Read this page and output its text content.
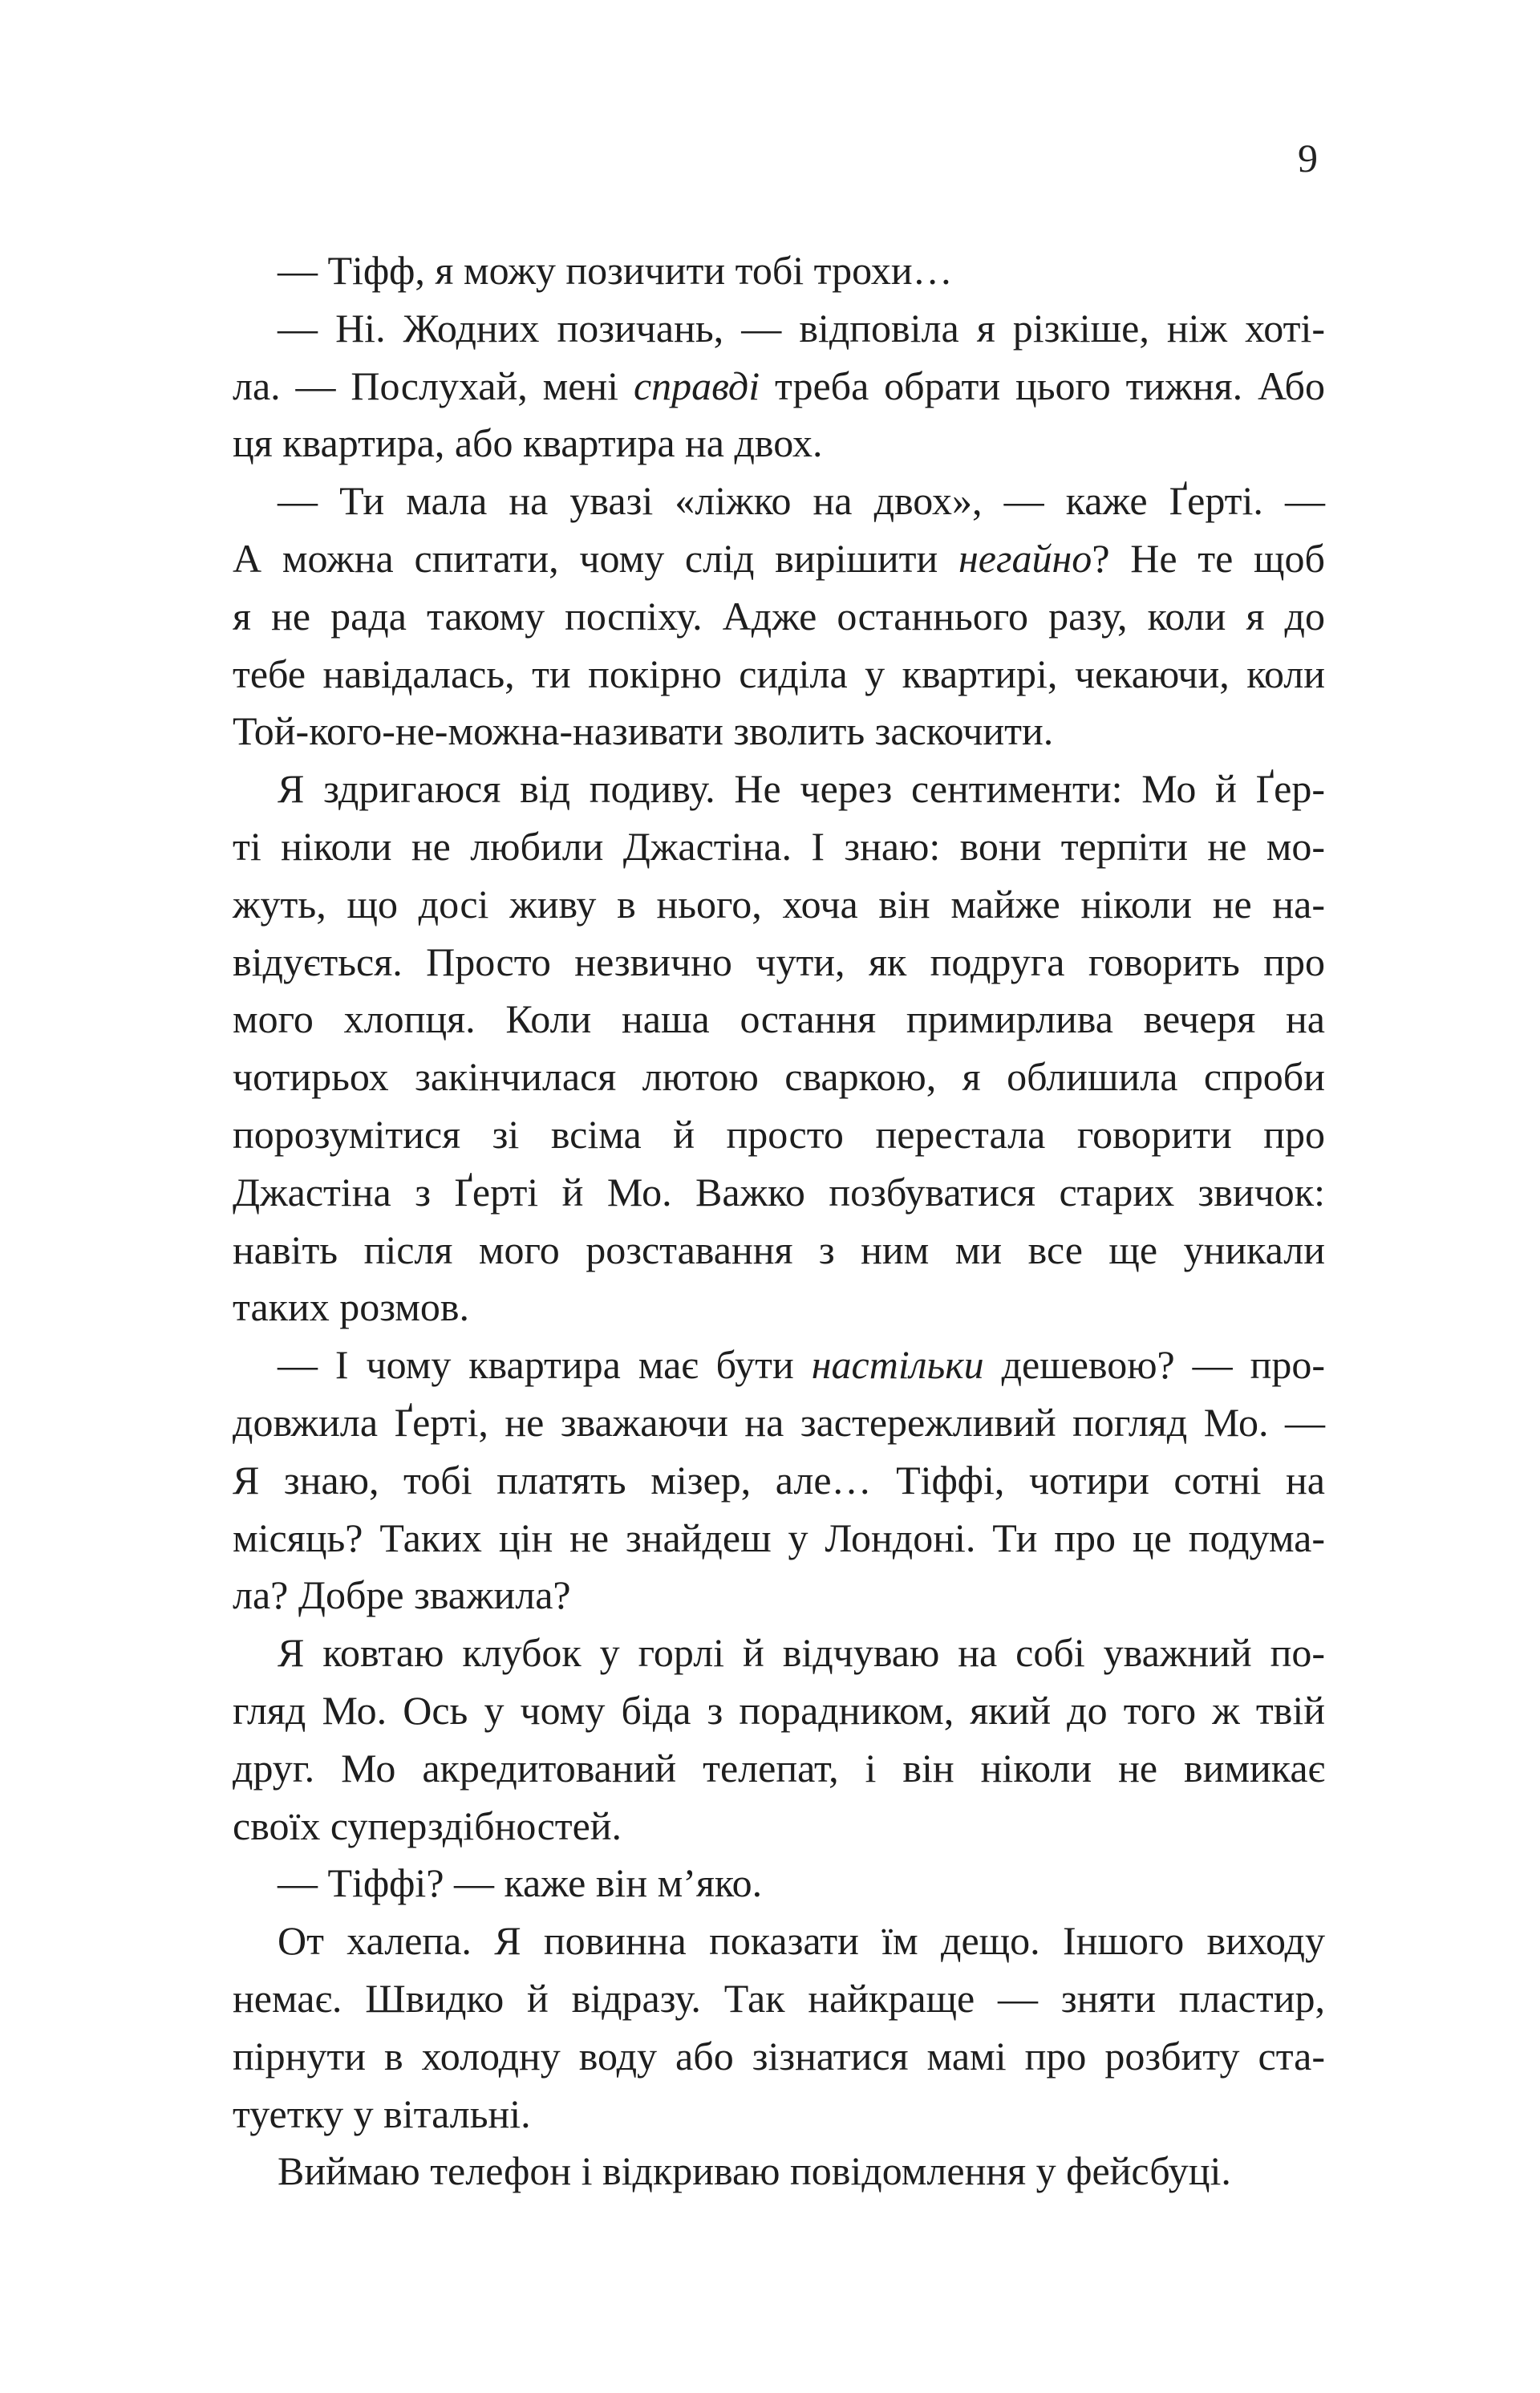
9
— Тіфф, я можу позичити тобі трохи…
— Ні. Жодних позичань, — відповіла я різкіше, ніж хоті-
ла. — Послухай, мені справді треба обрати цього тижня. Або
ця квартира, або квартира на двох.
— Ти мала на увазі «ліжко на двох», — каже Ґерті. —
А можна спитати, чому слід вирішити негайно? Не те щоб
я не рада такому поспіху. Адже останнього разу, коли я до
тебе навідалась, ти покірно сиділа у квартирі, чекаючи, коли
Той-кого-не-можна-називати зволить заскочити.
Я здригаюся від подиву. Не через сентименти: Мо й Ґер-
ті ніколи не любили Джастіна. І знаю: вони терпіти не мо-
жуть, що досі живу в нього, хоча він майже ніколи не на-
відується. Просто незвично чути, як подруга говорить про
мого хлопця. Коли наша остання примирлива вечеря на
чотирьох закінчилася лютою сваркою, я облишила спроби
порозумітися зі всіма й просто перестала говорити про
Джастіна з Ґерті й Мо. Важко позбуватися старих звичок:
навіть після мого розставання з ним ми все ще уникали
таких розмов.
— І чому квартира має бути настільки дешевою? — про-
довжила Ґерті, не зважаючи на застережливий погляд Мо. —
Я знаю, тобі платять мізер, але… Тіффі, чотири сотні на
місяць? Таких цін не знайдеш у Лондоні. Ти про це подума-
ла? Добре зважила?
Я ковтаю клубок у горлі й відчуваю на собі уважний по-
гляд Мо. Ось у чому біда з порадником, який до того ж твій
друг. Мо акредитований телепат, і він ніколи не вимикає
своїх суперздібностей.
— Тіффі? — каже він м’яко.
От халепа. Я повинна показати їм дещо. Іншого виходу
немає. Швидко й відразу. Так найкраще — зняти пластир,
пірнути в холодну воду або зізнатися мамі про розбиту ста-
туетку у вітальні.
Виймаю телефон і відкриваю повідомлення у фейсбуці.
